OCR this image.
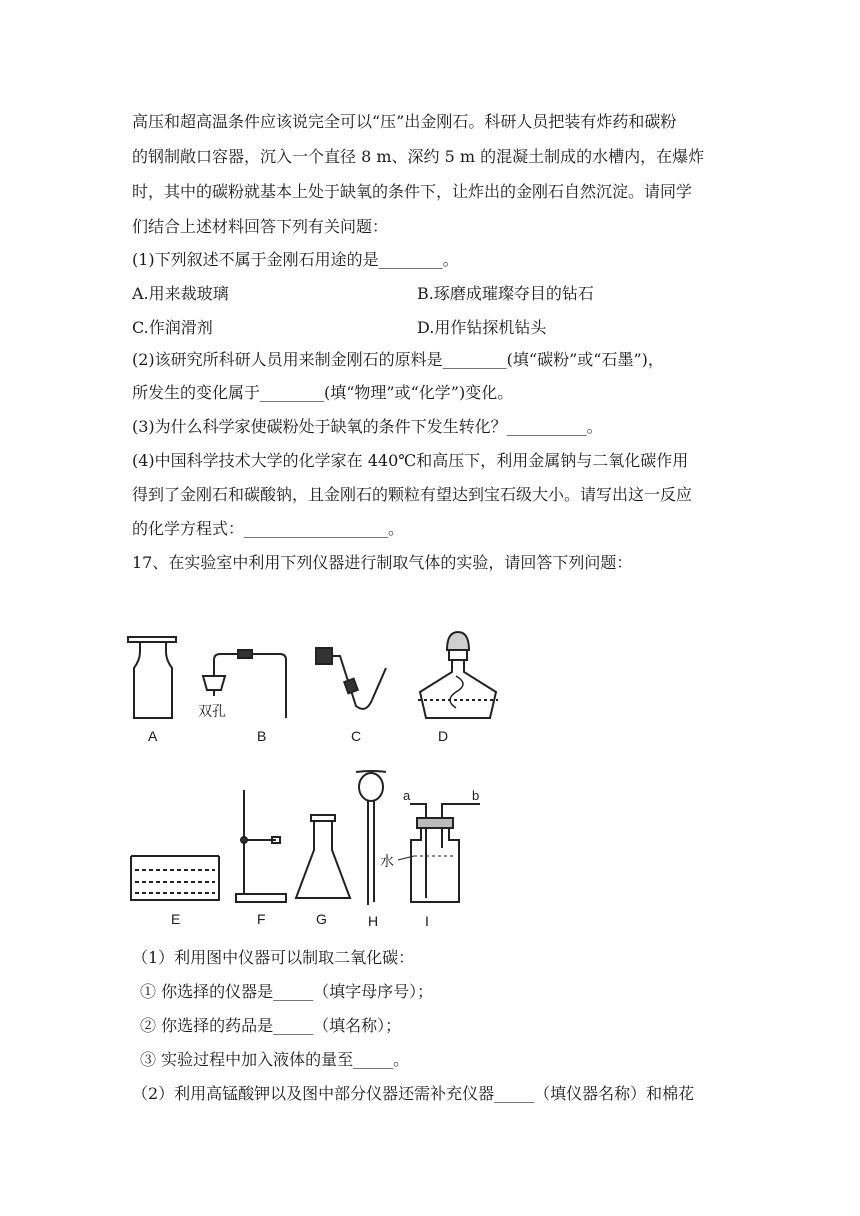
高压和超高温条件应该说完全可以“压”出金刚石。科研人员把装有炸药和碳粉
的钢制敞口容器，沉入一个直径 8 m、深约 5 m 的混凝土制成的水槽内，在爆炸
时，其中的碳粉就基本上处于缺氧的条件下，让炸出的金刚石自然沉淀。请同学
们结合上述材料回答下列有关问题：
(1)下列叙述不属于金刚石用途的是________。
A.用来裁玻璃	B.琢磨成璀璨夺目的钻石
C.作润滑剂	D.用作钻探机钻头
(2)该研究所科研人员用来制金刚石的原料是________(填“碳粉”或“石墨”)，
所发生的变化属于________(填“物理”或“化学”)变化。
(3)为什么科学家使碳粉处于缺氧的条件下发生转化？__________。
(4)中国科学技术大学的化学家在 440℃和高压下，利用金属钠与二氧化碳作用
得到了金刚石和碳酸钠，且金刚石的颗粒有望达到宝石级大小。请写出这一反应
的化学方程式：__________________。
17、在实验室中利用下列仪器进行制取气体的实验，请回答下列问题：
双孔
水
a	b
A	B	C	D
E	F	G	H	I
（1）利用图中仪器可以制取二氧化碳：
① 你选择的仪器是_____（填字母序号）；
② 你选择的药品是_____（填名称）；
③ 实验过程中加入液体的量至_____。
（2）利用高锰酸钾以及图中部分仪器还需补充仪器_____（填仪器名称）和棉花
